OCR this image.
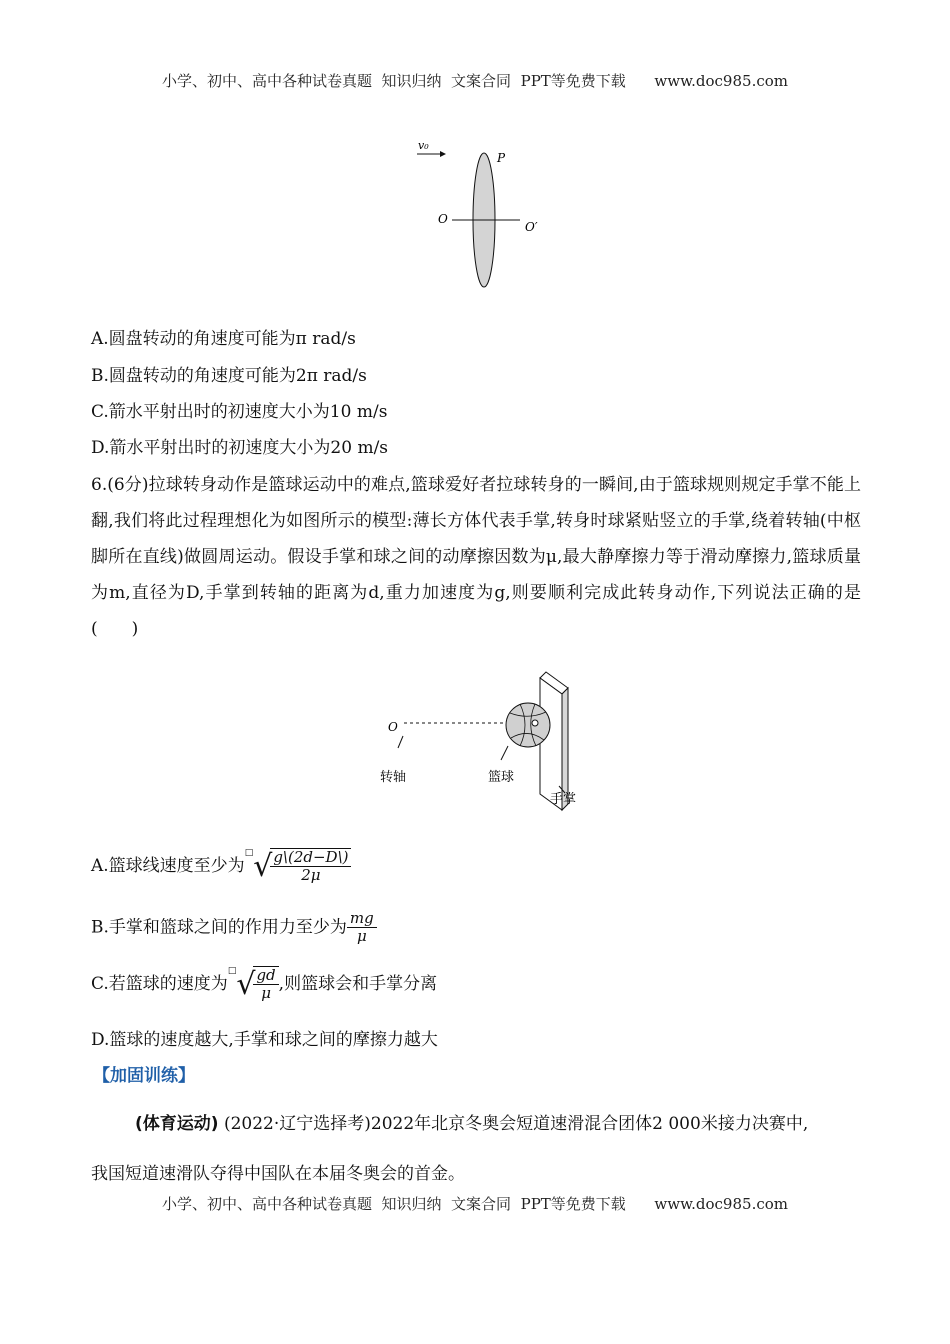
小学、初中、高中各种试卷真题  知识归纳  文案合同  PPT等免费下载      www.doc985.com
v₀
P
O
O′
A.圆盘转动的角速度可能为π rad/s
B.圆盘转动的角速度可能为2π rad/s
C.箭水平射出时的初速度大小为10 m/s
D.箭水平射出时的初速度大小为20 m/s
6.(6分)拉球转身动作是篮球运动中的难点,篮球爱好者拉球转身的一瞬间,由于篮球规则规定手掌不能上翻,我们将此过程理想化为如图所示的模型:薄长方体代表手掌,转身时球紧贴竖立的手掌,绕着转轴(中枢脚所在直线)做圆周运动。假设手掌和球之间的动摩擦因数为μ,最大静摩擦力等于滑动摩擦力,篮球质量为m,直径为D,手掌到转轴的距离为d,重力加速度为g,则要顺利完成此转身动作,下列说法正确的是(　　)
O
转轴	篮球
手掌
A.篮球线速度至少为□√
$\frac{g\backslash(2d-D\backslash)}{2\mu}$
B.手掌和篮球之间的作用力至少为 $\frac{mg}{\mu}$
C.若篮球的速度为□√
$\frac{gd}{\mu}$ ,则篮球会和手掌分离
D.篮球的速度越大,手掌和球之间的摩擦力越大
【加固训练】
(体育运动) (2022·辽宁选择考)2022年北京冬奥会短道速滑混合团体2 000米接力决赛中,
我国短道速滑队夺得中国队在本届冬奥会的首金。
小学、初中、高中各种试卷真题  知识归纳  文案合同  PPT等免费下载      www.doc985.com
